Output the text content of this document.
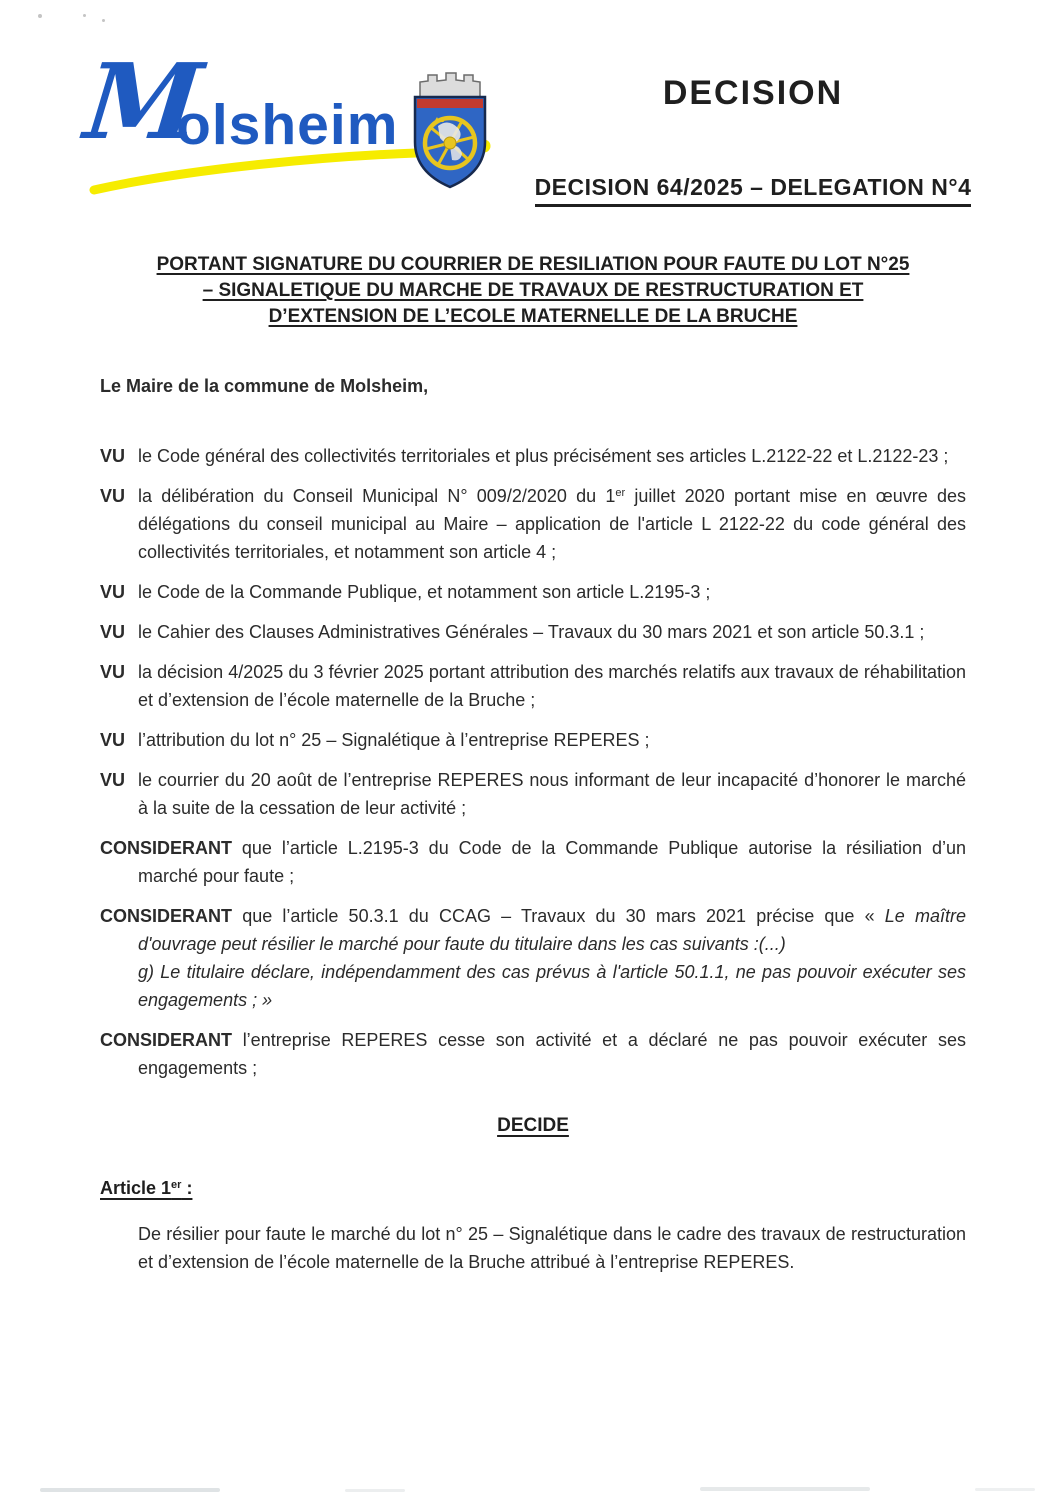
M
olsheim	DECISION

DECISION 64/2025 – DELEGATION N°4

PORTANT SIGNATURE DU COURRIER DE RESILIATION POUR FAUTE DU LOT N°25
– SIGNALETIQUE DU MARCHE DE TRAVAUX DE RESTRUCTURATION ET
D’EXTENSION DE L’ECOLE MATERNELLE DE LA BRUCHE

Le Maire de la commune de Molsheim,

VU le Code général des collectivités territoriales et plus précisément ses articles L.2122-22 et L.2122-23 ;

VU la délibération du Conseil Municipal N° 009/2/2020 du 1er juillet 2020 portant mise en œuvre des délégations du conseil municipal au Maire – application de l'article L 2122-22 du code général des collectivités territoriales, et notamment son article 4 ;

VU le Code de la Commande Publique, et notamment son article L.2195-3 ;

VU le Cahier des Clauses Administratives Générales – Travaux du 30 mars 2021 et son article 50.3.1 ;

VU la décision 4/2025 du 3 février 2025 portant attribution des marchés relatifs aux travaux de réhabilitation et d’extension de l’école maternelle de la Bruche ;

VU l’attribution du lot n° 25 – Signalétique à l’entreprise REPERES ;

VU le courrier du 20 août de l’entreprise REPERES nous informant de leur incapacité d’honorer le marché à la suite de la cessation de leur activité ;

CONSIDERANT que l’article L.2195-3 du Code de la Commande Publique autorise la résiliation d’un marché pour faute ;

CONSIDERANT que l’article 50.3.1 du CCAG – Travaux du 30 mars 2021 précise que « Le maître d'ouvrage peut résilier le marché pour faute du titulaire dans les cas suivants :(...)
g) Le titulaire déclare, indépendamment des cas prévus à l'article 50.1.1, ne pas pouvoir exécuter ses engagements ; »

CONSIDERANT l’entreprise REPERES cesse son activité et a déclaré ne pas pouvoir exécuter ses engagements ;

DECIDE

Article 1er :

De résilier pour faute le marché du lot n° 25 – Signalétique dans le cadre des travaux de restructuration et d’extension de l’école maternelle de la Bruche attribué à l’entreprise REPERES.
